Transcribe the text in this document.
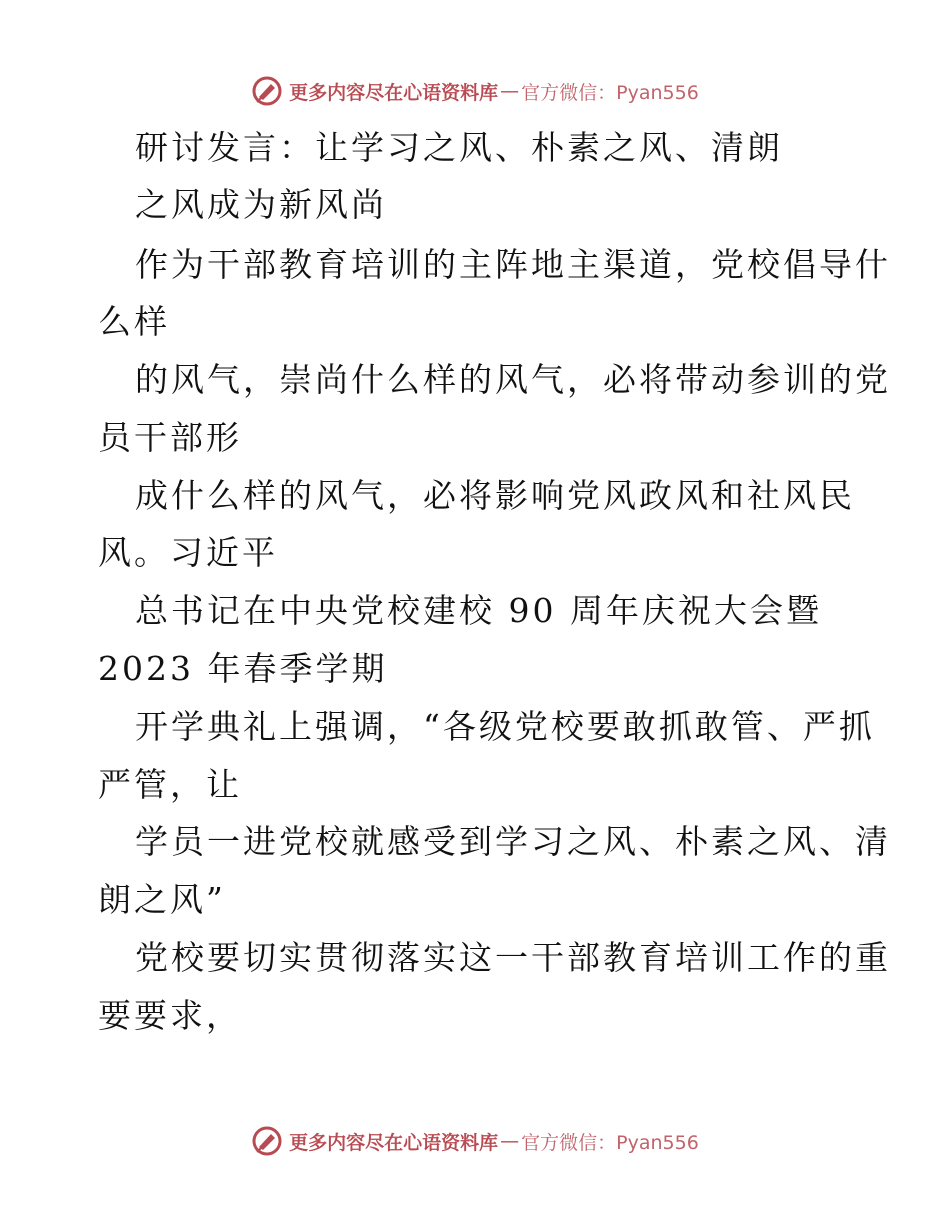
更多内容尽在心语资料库 — 官方微信：Pyan556
研讨发言：让学习之风、朴素之风、清朗
之风成为新风尚
作为干部教育培训的主阵地主渠道，党校倡导什
么样
的风气，崇尚什么样的风气，必将带动参训的党
员干部形
成什么样的风气，必将影响党风政风和社风民
风。习近平
总书记在中央党校建校 90 周年庆祝大会暨
2023 年春季学期
开学典礼上强调，“各级党校要敢抓敢管、严抓
严管，让
学员一进党校就感受到学习之风、朴素之风、清
朗之风”
党校要切实贯彻落实这一干部教育培训工作的重
要要求，
更多内容尽在心语资料库 — 官方微信：Pyan556
